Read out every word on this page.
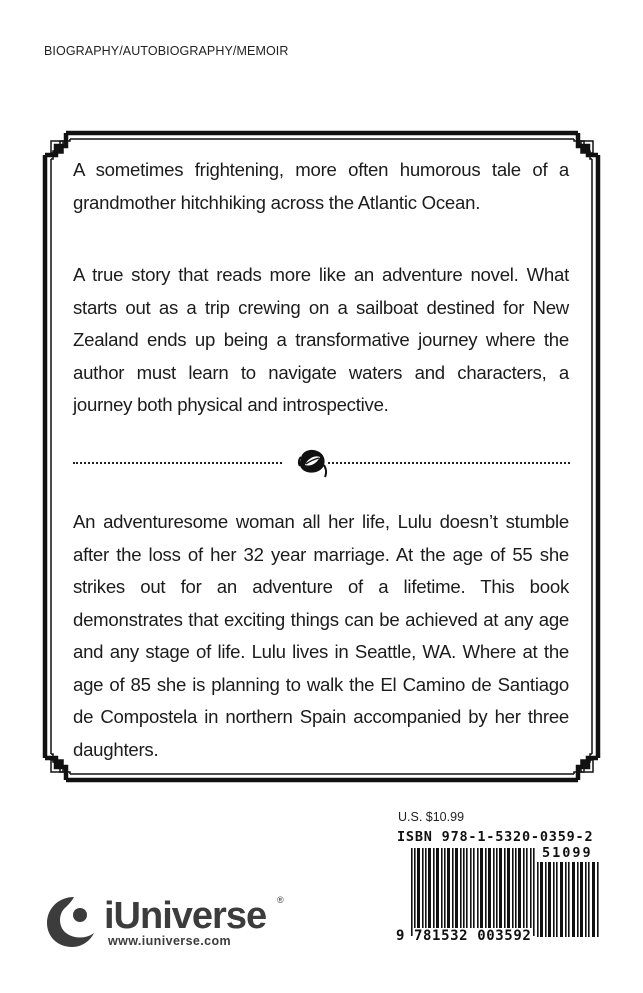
BIOGRAPHY/AUTOBIOGRAPHY/MEMOIR

A sometimes frightening, more often humorous tale of a grandmother hitchhiking across the Atlantic Ocean.

A true story that reads more like an adventure novel. What starts out as a trip crewing on a sailboat destined for New Zealand ends up being a transformative journey where the author must learn to navigate waters and characters, a journey both physical and introspective.

An adventuresome woman all her life, Lulu doesn’t stumble after the loss of her 32 year marriage. At the age of 55 she strikes out for an adventure of a lifetime. This book demonstrates that exciting things can be achieved at any age and any stage of life. Lulu lives in Seattle, WA. Where at the age of 85 she is planning to walk the El Camino de Santiago de Compostela in northern Spain accompanied by her three daughters.

U.S. $10.99
ISBN 978-1-5320-0359-2
51099
9 781532 003592
iUniverse ®
www.iuniverse.com
